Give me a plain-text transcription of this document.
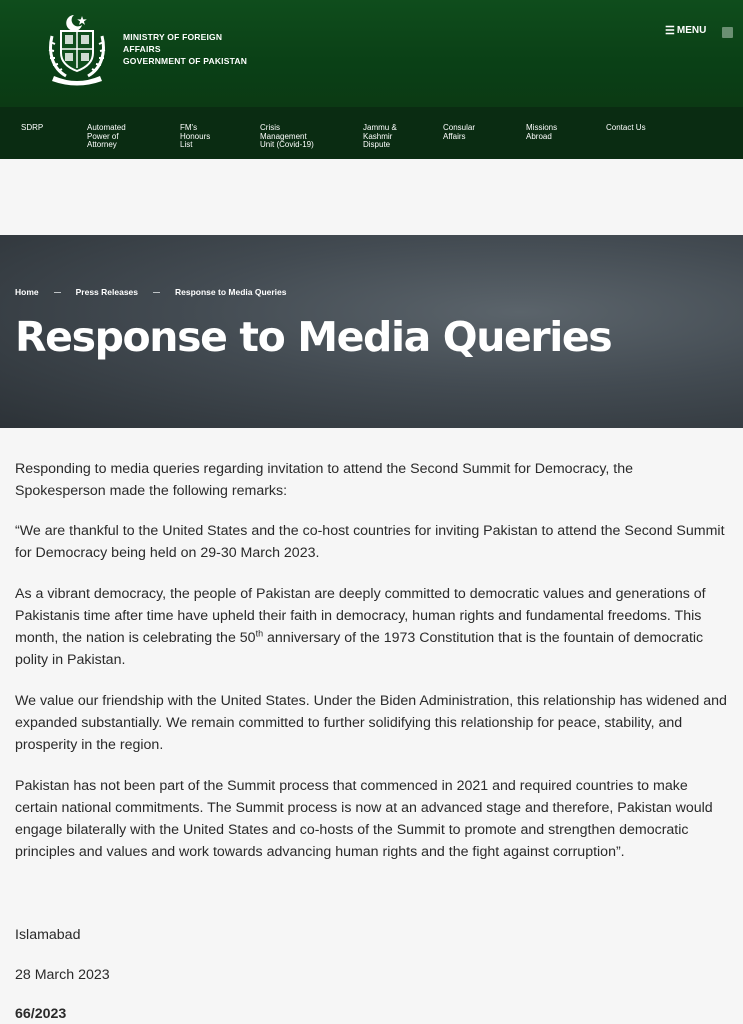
MINISTRY OF FOREIGN
AFFAIRS
GOVERNMENT OF PAKISTAN
☰ MENU
SDRP	Automated
Power of
Attorney
FM's
Honours
List
Crisis
Management
Unit (Covid-19)
Jammu &
Kashmir
Dispute
Consular
Affairs
Missions
Abroad
Contact Us
Home	Press Releases	Response to Media Queries
Response to Media Queries

Responding to media queries regarding invitation to attend the Second Summit for Democracy, the Spokesperson made the following remarks:

“We are thankful to the United States and the co-host countries for inviting Pakistan to attend the Second Summit for Democracy being held on 29-30 March 2023.

As a vibrant democracy, the people of Pakistan are deeply committed to democratic values and generations of Pakistanis time after time have upheld their faith in democracy, human rights and fundamental freedoms. This month, the nation is celebrating the 50th anniversary of the 1973 Constitution that is the fountain of democratic polity in Pakistan.

We value our friendship with the United States. Under the Biden Administration, this relationship has widened and expanded substantially. We remain committed to further solidifying this relationship for peace, stability, and prosperity in the region.

Pakistan has not been part of the Summit process that commenced in 2021 and required countries to make certain national commitments. The Summit process is now at an advanced stage and therefore, Pakistan would engage bilaterally with the United States and co-hosts of the Summit to promote and strengthen democratic principles and values and work towards advancing human rights and the fight against corruption”.

Islamabad
28 March 2023
66/2023
